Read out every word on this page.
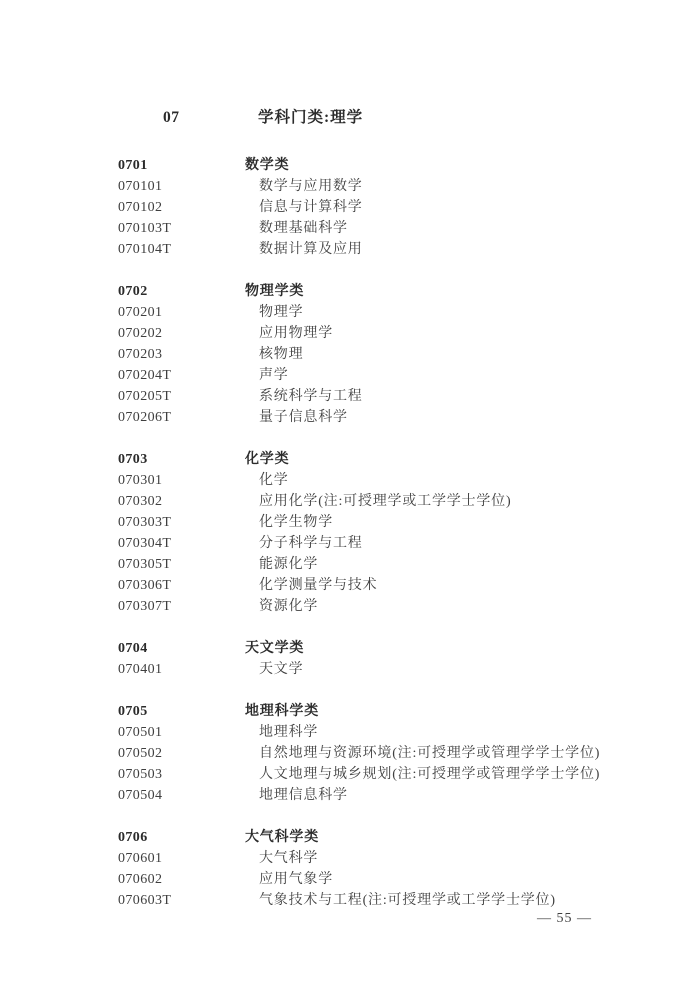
07	学科门类:理学
0701	数学类
070101	数学与应用数学
070102	信息与计算科学
070103T	数理基础科学
070104T	数据计算及应用
0702	物理学类
070201	物理学
070202	应用物理学
070203	核物理
070204T	声学
070205T	系统科学与工程
070206T	量子信息科学
0703	化学类
070301	化学
070302	应用化学(注:可授理学或工学学士学位)
070303T	化学生物学
070304T	分子科学与工程
070305T	能源化学
070306T	化学测量学与技术
070307T	资源化学
0704	天文学类
070401	天文学
0705	地理科学类
070501	地理科学
070502	自然地理与资源环境(注:可授理学或管理学学士学位)
070503	人文地理与城乡规划(注:可授理学或管理学学士学位)
070504	地理信息科学
0706	大气科学类
070601	大气科学
070602	应用气象学
070603T	气象技术与工程(注:可授理学或工学学士学位)
— 55 —
